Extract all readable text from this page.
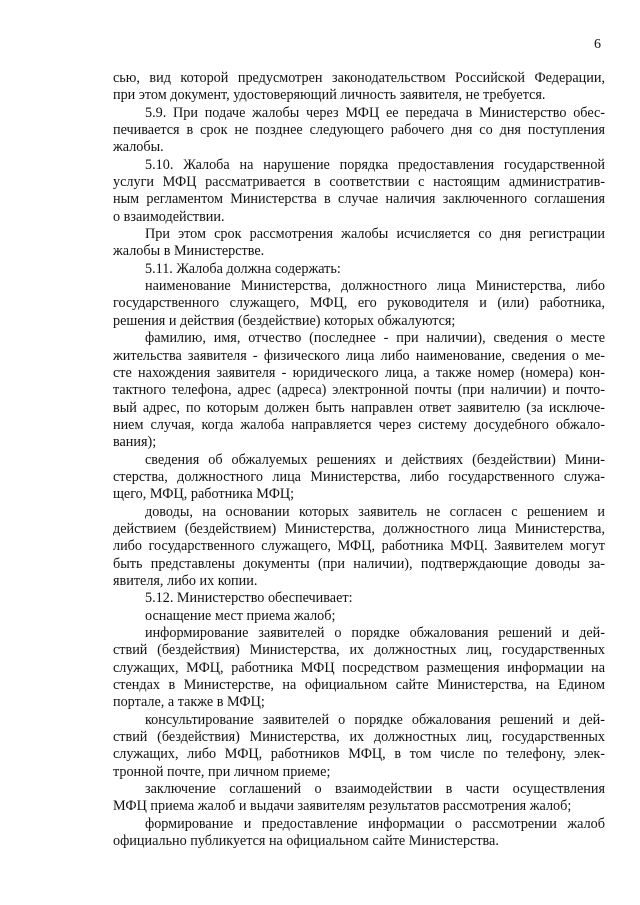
6
сью, вид которой предусмотрен законодательством Российской Федерации,
при этом документ, удостоверяющий личность заявителя, не требуется.
5.9. При подаче жалобы через МФЦ ее передача в Министерство обес-
печивается в срок не позднее следующего рабочего дня со дня поступления
жалобы.
5.10. Жалоба на нарушение порядка предоставления государственной
услуги МФЦ рассматривается в соответствии с настоящим административ-
ным регламентом Министерства в случае наличия заключенного соглашения
о взаимодействии.
При этом срок рассмотрения жалобы исчисляется со дня регистрации
жалобы в Министерстве.
5.11. Жалоба должна содержать:
наименование Министерства, должностного лица Министерства, либо
государственного служащего, МФЦ, его руководителя и (или) работника,
решения и действия (бездействие) которых обжалуются;
фамилию, имя, отчество (последнее - при наличии), сведения о месте
жительства заявителя - физического лица либо наименование, сведения о ме-
сте нахождения заявителя - юридического лица, а также номер (номера) кон-
тактного телефона, адрес (адреса) электронной почты (при наличии) и почто-
вый адрес, по которым должен быть направлен ответ заявителю (за исключе-
нием случая, когда жалоба направляется через систему досудебного обжало-
вания);
сведения об обжалуемых решениях и действиях (бездействии) Мини-
стерства, должностного лица Министерства, либо государственного служа-
щего, МФЦ, работника МФЦ;
доводы, на основании которых заявитель не согласен с решением и
действием (бездействием) Министерства, должностного лица Министерства,
либо государственного служащего, МФЦ, работника МФЦ. Заявителем могут
быть представлены документы (при наличии), подтверждающие доводы за-
явителя, либо их копии.
5.12. Министерство обеспечивает:
оснащение мест приема жалоб;
информирование заявителей о порядке обжалования решений и дей-
ствий (бездействия) Министерства, их должностных лиц, государственных
служащих, МФЦ, работника МФЦ посредством размещения информации на
стендах в Министерстве, на официальном сайте Министерства, на Едином
портале, а также в МФЦ;
консультирование заявителей о порядке обжалования решений и дей-
ствий (бездействия) Министерства, их должностных лиц, государственных
служащих, либо МФЦ, работников МФЦ, в том числе по телефону, элек-
тронной почте, при личном приеме;
заключение соглашений о взаимодействии в части осуществления
МФЦ приема жалоб и выдачи заявителям результатов рассмотрения жалоб;
формирование и предоставление информации о рассмотрении жалоб
официально публикуется на официальном сайте Министерства.
